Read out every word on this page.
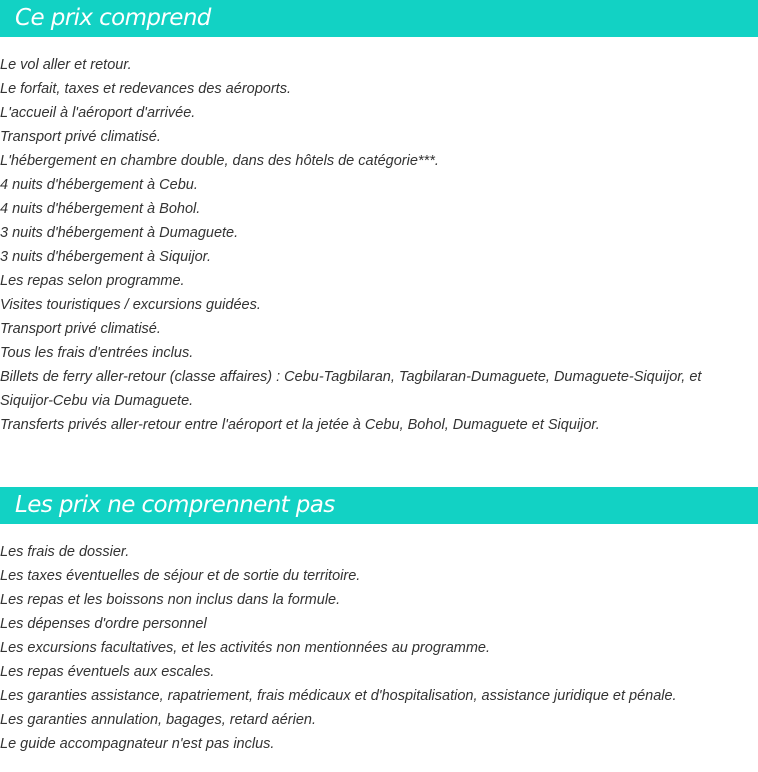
Ce prix comprend
Le vol aller et retour.
Le forfait, taxes et redevances des aéroports.
L'accueil à l'aéroport d'arrivée.
Transport privé climatisé.
L'hébergement en chambre double, dans des hôtels de catégorie***.
4 nuits d'hébergement à Cebu.
4 nuits d'hébergement à Bohol.
3 nuits d'hébergement à Dumaguete.
3 nuits d'hébergement à Siquijor.
Les repas selon programme.
Visites touristiques / excursions guidées.
Transport privé climatisé.
Tous les frais d'entrées inclus.
Billets de ferry aller-retour (classe affaires) : Cebu-Tagbilaran, Tagbilaran-Dumaguete, Dumaguete-Siquijor, et Siquijor-Cebu via Dumaguete.
Transferts privés aller-retour entre l'aéroport et la jetée à Cebu, Bohol, Dumaguete et Siquijor.
Les prix ne comprennent pas
Les frais de dossier.
Les taxes éventuelles de séjour et de sortie du territoire.
Les repas et les boissons non inclus dans la formule.
Les dépenses d'ordre personnel
Les excursions facultatives, et les activités non mentionnées au programme.
Les repas éventuels aux escales.
Les garanties assistance, rapatriement, frais médicaux et d'hospitalisation, assistance juridique et pénale.
Les garanties annulation, bagages, retard aérien.
Le guide accompagnateur n'est pas inclus.
